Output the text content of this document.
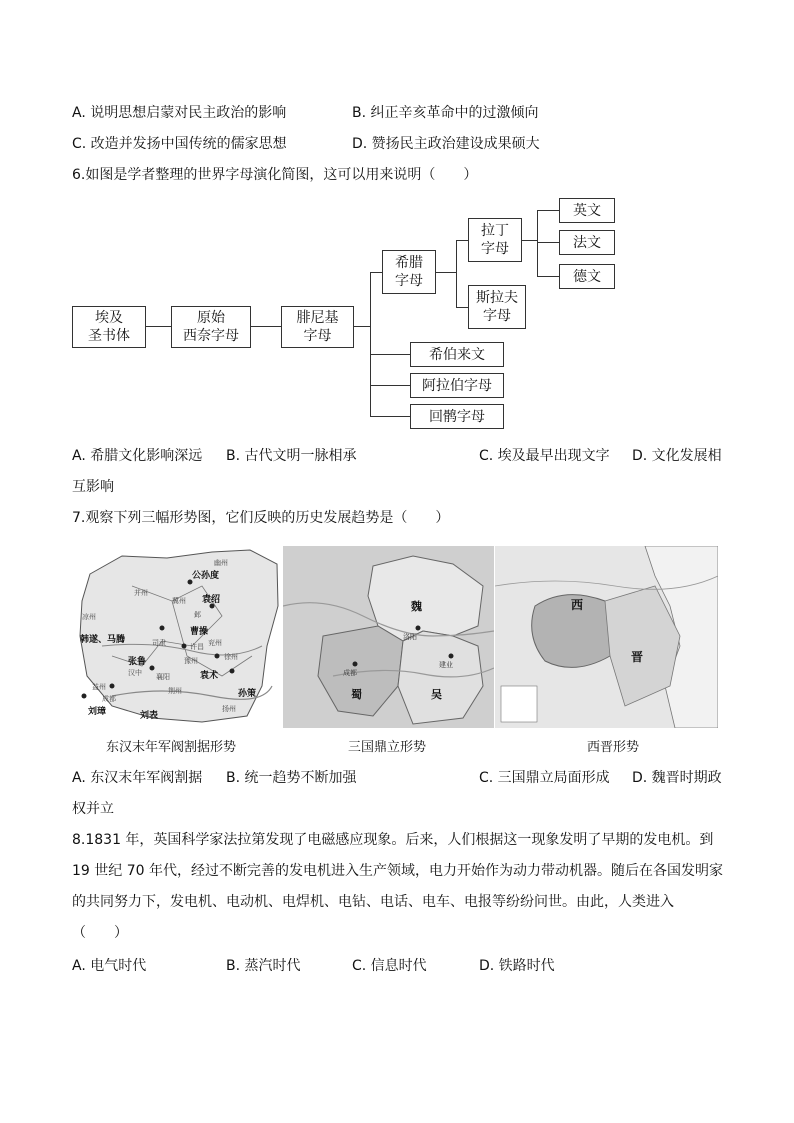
A. 说明思想启蒙对民主政治的影响	B. 纠正辛亥革命中的过激倾向
C. 改造并发扬中国传统的儒家思想	D. 赞扬民主政治建设成果硕大
6.如图是学者整理的世界字母演化简图，这可以用来说明（　　）
埃及
圣书体
原始
西奈字母
腓尼基
字母
希腊
字母
拉丁
字母
斯拉夫
字母
英文
法文
德文
希伯来文
阿拉伯字母
回鹘字母
A. 希腊文化影响深远 B. 古代文明一脉相承	C. 埃及最早出现文字 D. 文化发展相
互影响
7.观察下列三幅形势图，它们反映的历史发展趋势是（　　）
公孙度
袁绍
曹操
韩遂、马腾
张鲁
刘表
袁术
孙策
刘璋
幽州
冀州
并州
凉州
司隶	兖州
豫州	徐州
荆州
扬州
益州
邺
许昌
襄阳
汉中
成都
魏
蜀	吴
洛阳
成都
建业
西
晋
东汉末年军阀割据形势	三国鼎立形势	西晋形势
A. 东汉末年军阀割据 B. 统一趋势不断加强	C. 三国鼎立局面形成 D. 魏晋时期政
权并立
8.1831 年，英国科学家法拉第发现了电磁感应现象。后来，人们根据这一现象发明了早期的发电机。到
19 世纪 70 年代，经过不断完善的发电机进入生产领域，电力开始作为动力带动机器。随后在各国发明家
的共同努力下，发电机、电动机、电焊机、电钻、电话、电车、电报等纷纷问世。由此，人类进入
（　　）
A. 电气时代	B. 蒸汽时代	C. 信息时代	D. 铁路时代
